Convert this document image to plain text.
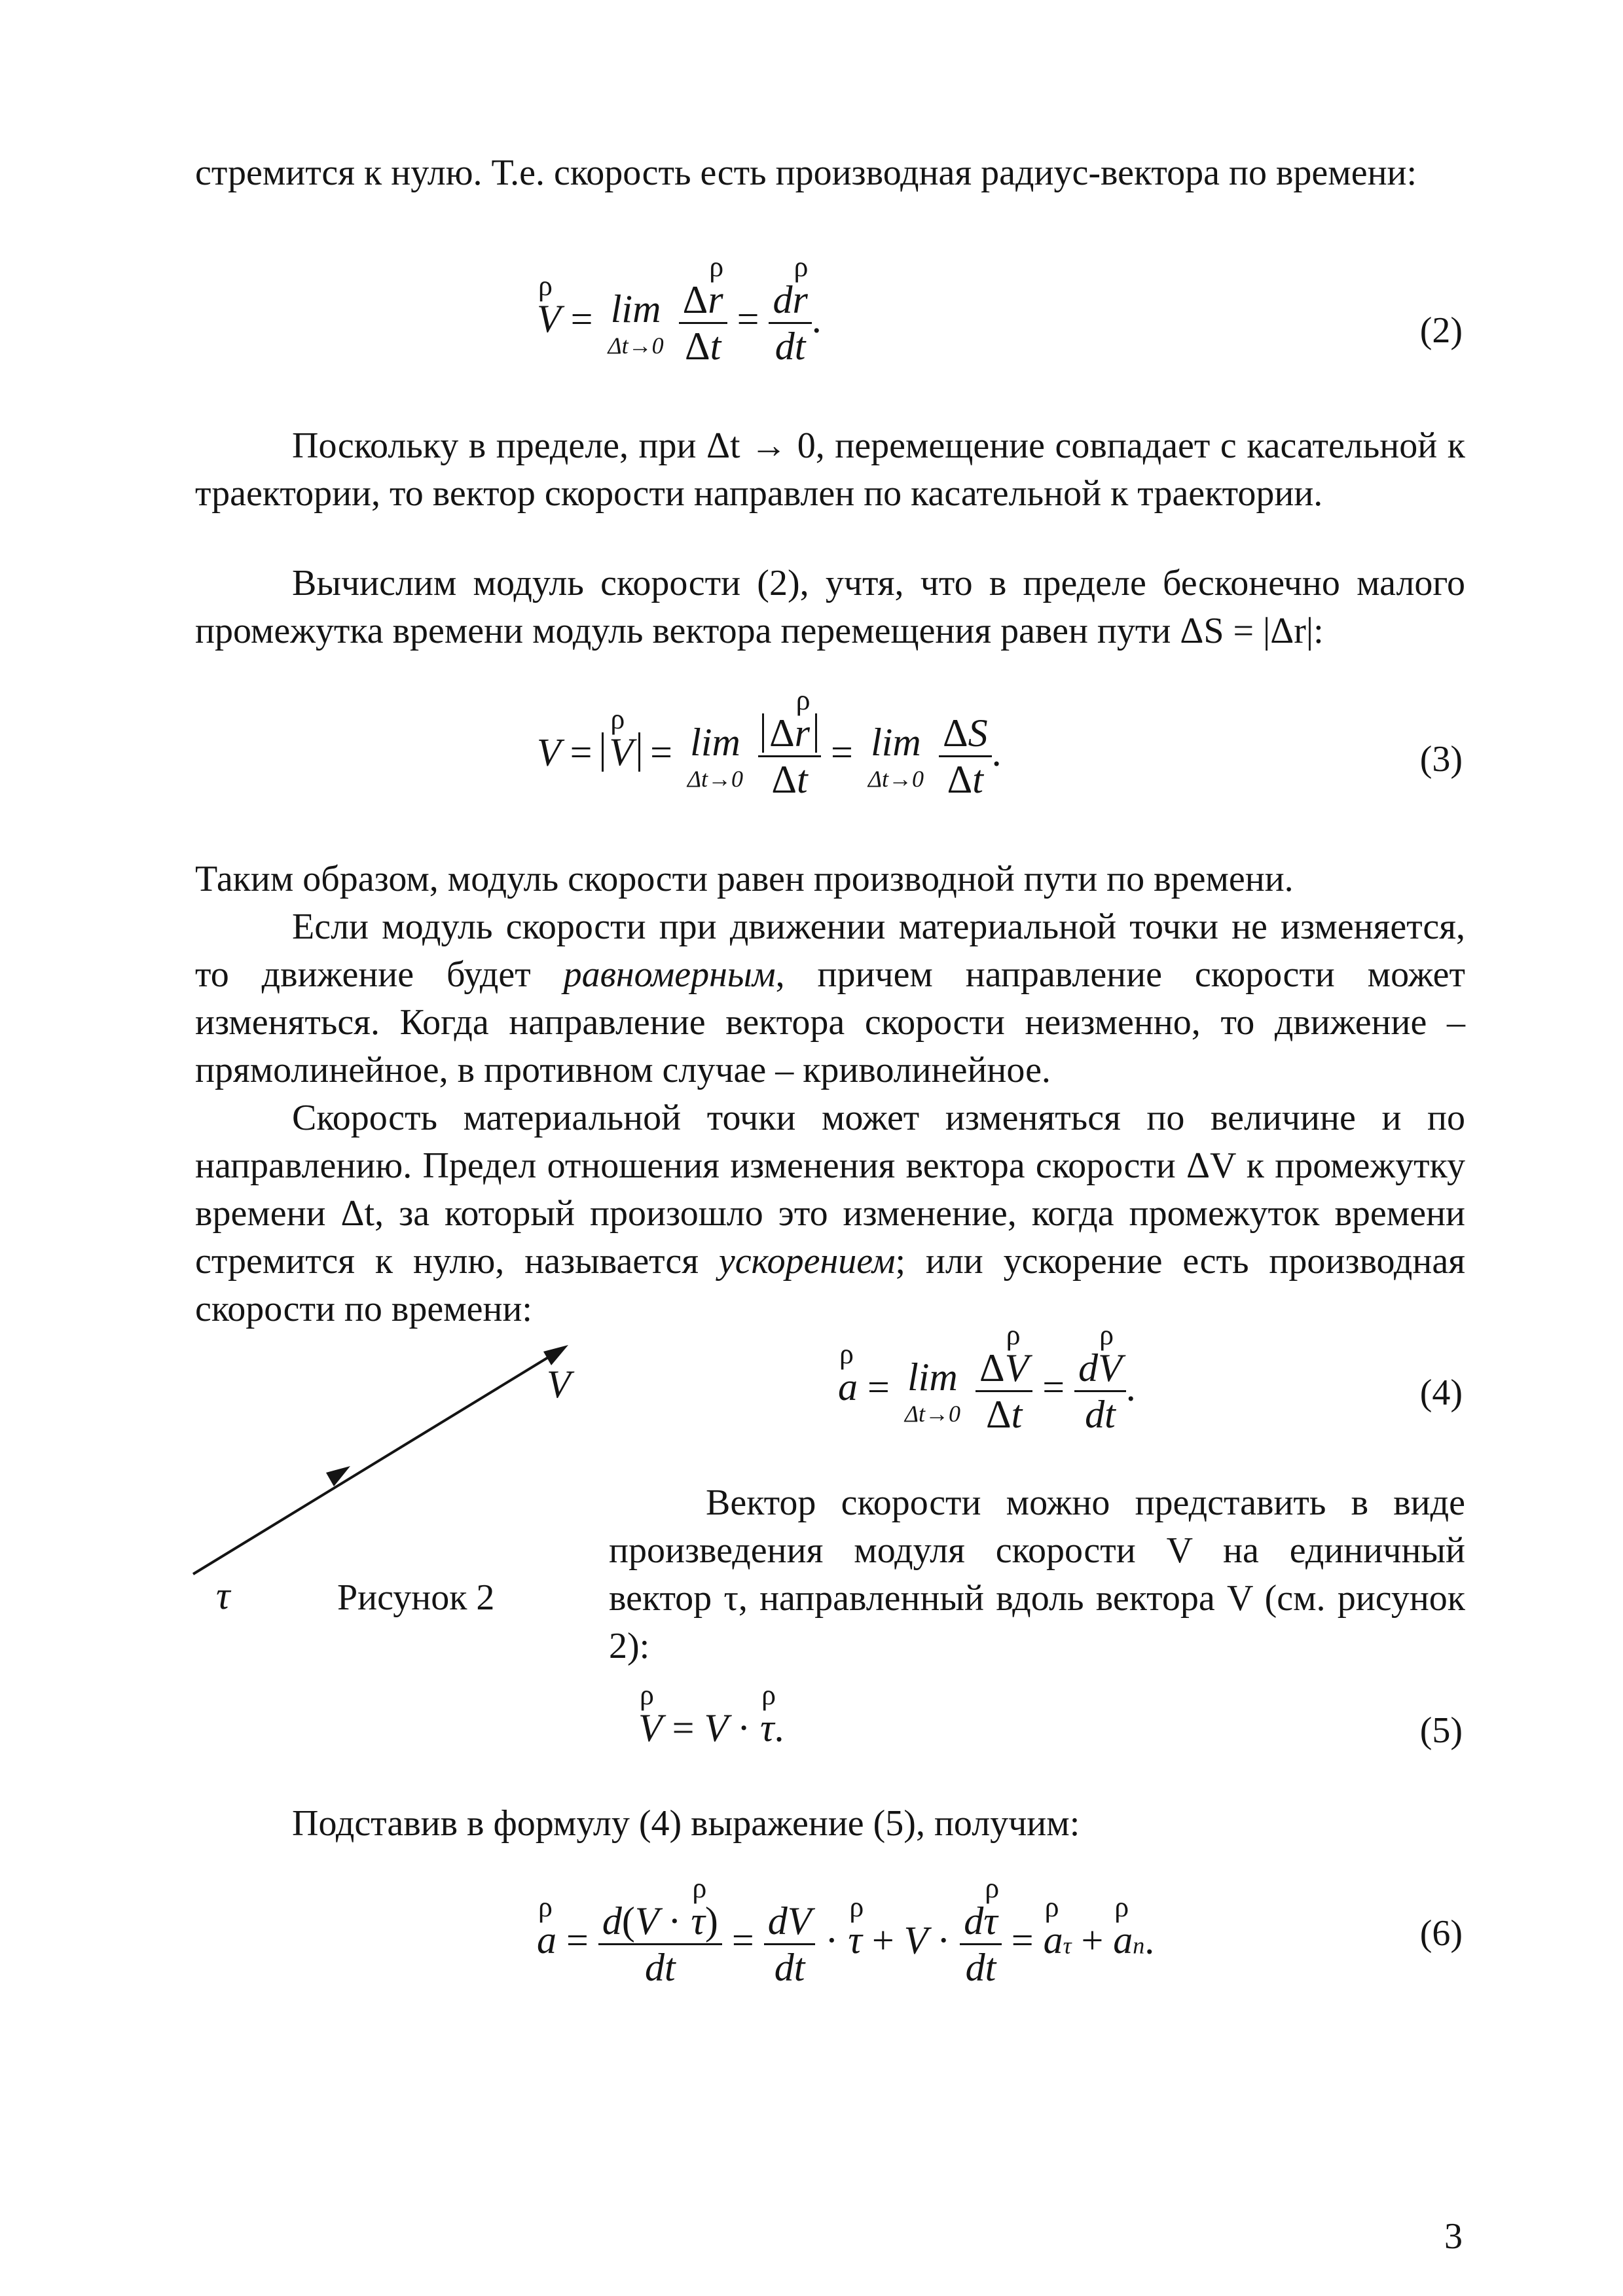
стремится к нулю. Т.е. скорость есть производная радиус-вектора по времени:

ρ V = lim
Δt→0
$\frac{\text{Δρ r}}{\Delta t} = \frac{\text{dρ r}}{dt}$ .	(2)

Поскольку в пределе, при Δt → 0, перемещение совпадает с касательной к траектории, то вектор скорости направлен по касательной к траектории.

Вычислим модуль скорости (2), учтя, что в пределе бесконечно малого промежутка времени модуль вектора перемещения равен пути ΔS = |Δr|:

V = ρ V = lim
Δt→0
$\frac{\text{Δρ r}}{\Delta t} = \lim$
Δt→0
$\frac{\Delta S}{\Delta t}$ .	(3)

Таким образом, модуль скорости равен производной пути по времени.

Если модуль скорости при движении материальной точки не изменяется, то движение будет равномерным, причем направление скорости может изменяться. Когда направление вектора скорости неизменно, то движение – прямолинейное, в противном случае – криволинейное.

Скорость материальной точки может изменяться по величине и по направлению. Предел отношения изменения вектора скорости ΔV к промежутку времени Δt, за который произошло это изменение, когда промежуток времени стремится к нулю, называется ускорением; или ускорение есть производная скорости по времени:

V
τ	Рисунок 2
ρ a = lim
Δt→0
$\frac{\text{Δρ V}}{\Delta t} = \frac{\text{dρ V}}{dt}$ .	(4)

Вектор скорости можно представить в виде произведения модуля скорости V на единичный вектор τ, направленный вдоль вектора V (см. рисунок 2):

ρ V = V · ρ τ.	(5)

Подставив в формулу (4) выражение (5), получим:

ρ $a = \frac{\text{d(V · ρ τ)}}{dt} = \frac{dV}{dt} \cdot \rho$ $\tau + V \cdot \frac{\text{dρ τ}}{dt} = \rho$ aτ + ρ an.	(6)
3
